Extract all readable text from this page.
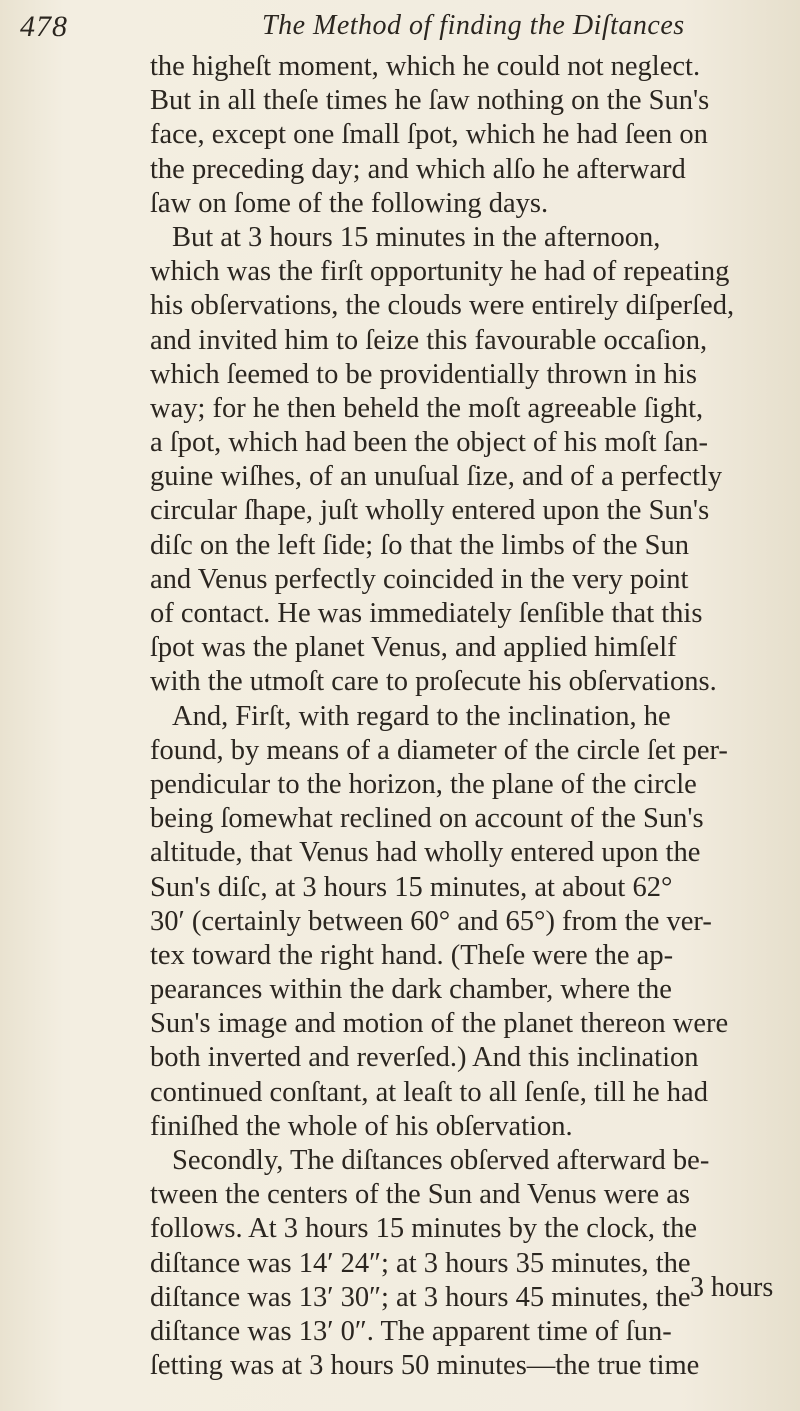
478	The Method of finding the Diſtances
the higheſt moment, which he could not neglect.
But in all theſe times he ſaw nothing on the Sun's
face, except one ſmall ſpot, which he had ſeen on
the preceding day; and which alſo he afterward
ſaw on ſome of the following days.
But at 3 hours 15 minutes in the afternoon,
which was the firſt opportunity he had of repeating
his obſervations, the clouds were entirely diſperſed,
and invited him to ſeize this favourable occaſion,
which ſeemed to be providentially thrown in his
way; for he then beheld the moſt agreeable ſight,
a ſpot, which had been the object of his moſt ſan-
guine wiſhes, of an unuſual ſize, and of a perfectly
circular ſhape, juſt wholly entered upon the Sun's
diſc on the left ſide; ſo that the limbs of the Sun
and Venus perfectly coincided in the very point
of contact. He was immediately ſenſible that this
ſpot was the planet Venus, and applied himſelf
with the utmoſt care to proſecute his obſervations.
And, Firſt, with regard to the inclination, he
found, by means of a diameter of the circle ſet per-
pendicular to the horizon, the plane of the circle
being ſomewhat reclined on account of the Sun's
altitude, that Venus had wholly entered upon the
Sun's diſc, at 3 hours 15 minutes, at about 62°
30′ (certainly between 60° and 65°) from the ver-
tex toward the right hand. (Theſe were the ap-
pearances within the dark chamber, where the
Sun's image and motion of the planet thereon were
both inverted and reverſed.) And this inclination
continued conſtant, at leaſt to all ſenſe, till he had
finiſhed the whole of his obſervation.
Secondly, The diſtances obſerved afterward be-
tween the centers of the Sun and Venus were as
follows. At 3 hours 15 minutes by the clock, the
diſtance was 14′ 24″; at 3 hours 35 minutes, the
diſtance was 13′ 30″; at 3 hours 45 minutes, the
diſtance was 13′ 0″. The apparent time of ſun-
ſetting was at 3 hours 50 minutes—the true time
3 hours
